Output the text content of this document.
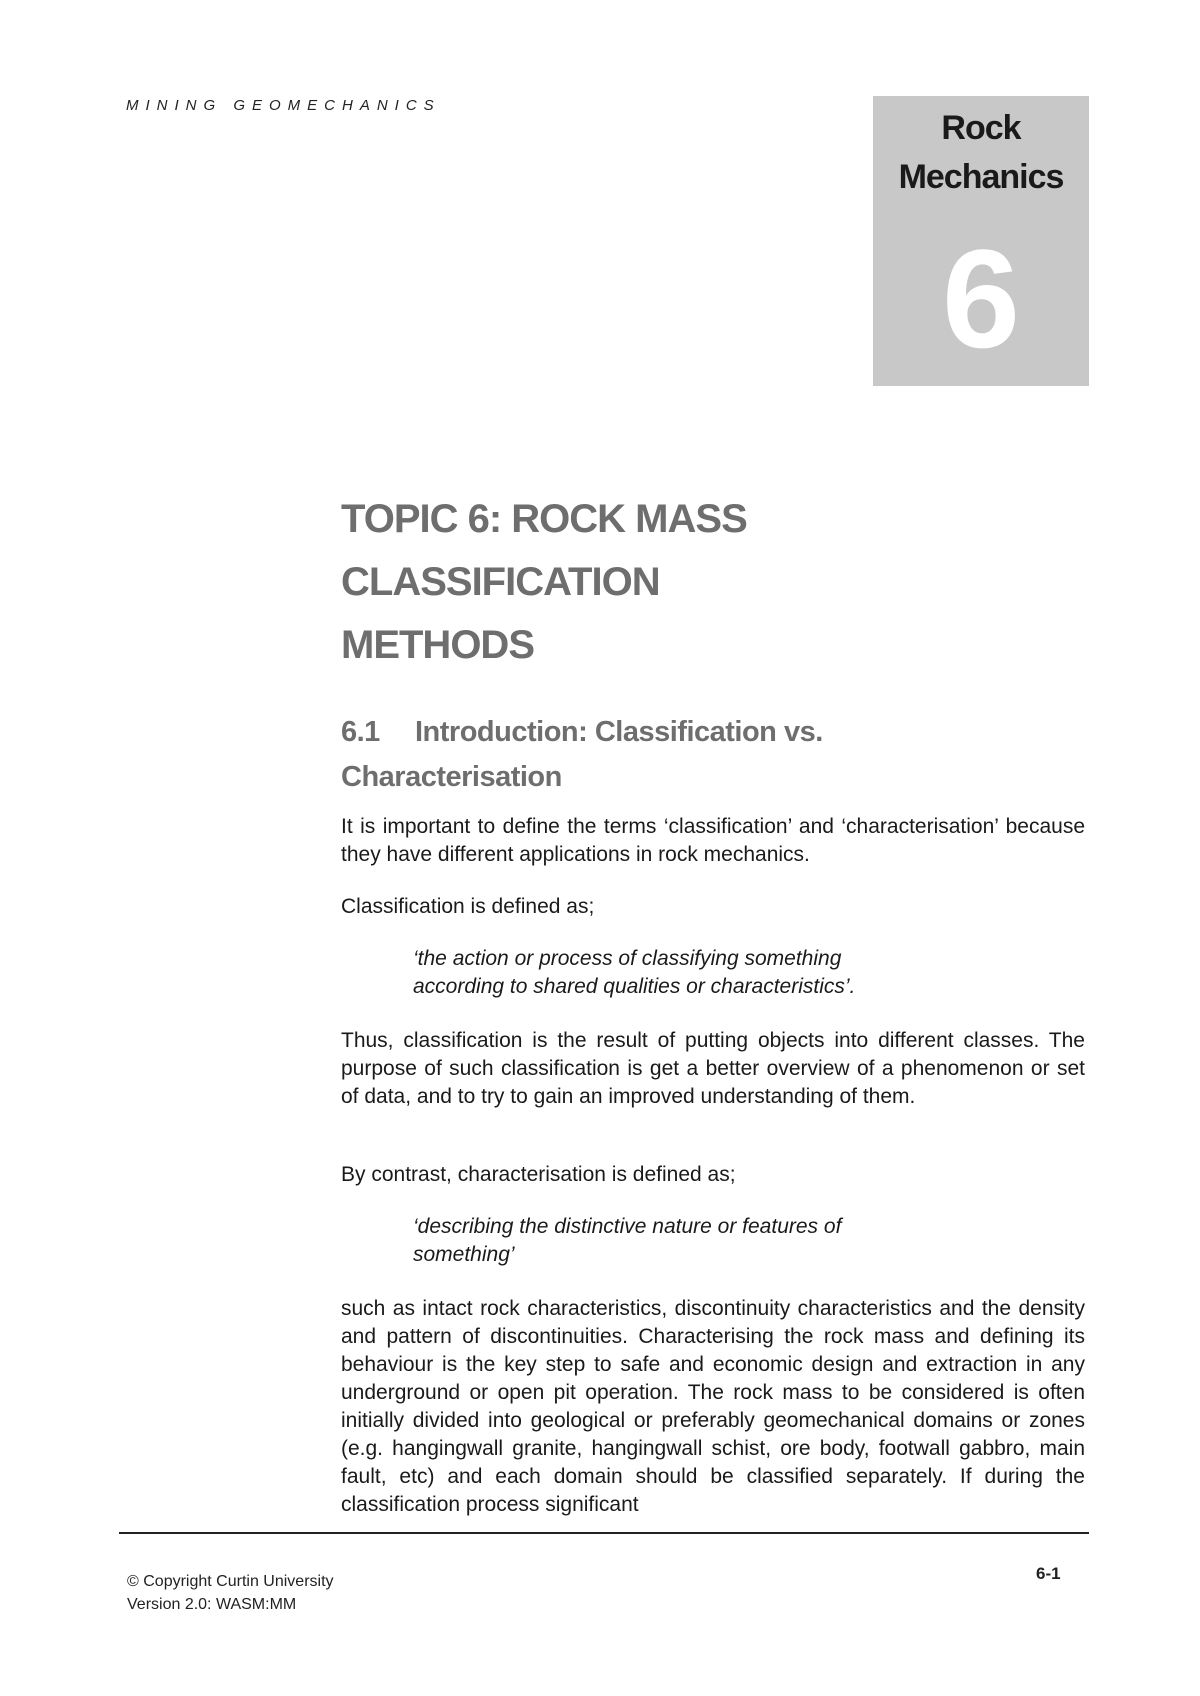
MINING GEOMECHANICS
Rock
Mechanics
6
TOPIC 6: ROCK MASS
CLASSIFICATION
METHODS
6.1 Introduction: Classification vs.
Characterisation

It is important to define the terms ‘classification’ and ‘characterisation’ because they have different applications in rock mechanics.

Classification is defined as;

‘the action or process of classifying something
according to shared qualities or characteristics’.

Thus, classification is the result of putting objects into different classes. The purpose of such classification is get a better overview of a phenomenon or set of data, and to try to gain an improved understanding of them.

By contrast, characterisation is defined as;

‘describing the distinctive nature or features of
something’

such as intact rock characteristics, discontinuity characteristics and the density and pattern of discontinuities. Characterising the rock mass and defining its behaviour is the key step to safe and economic design and extraction in any underground or open pit operation. The rock mass to be considered is often initially divided into geological or preferably geomechanical domains or zones (e.g. hangingwall granite, hangingwall schist, ore body, footwall gabbro, main fault, etc) and each domain should be classified separately. If during the classification process significant

© Copyright Curtin University
Version 2.0: WASM:MM
6-1
